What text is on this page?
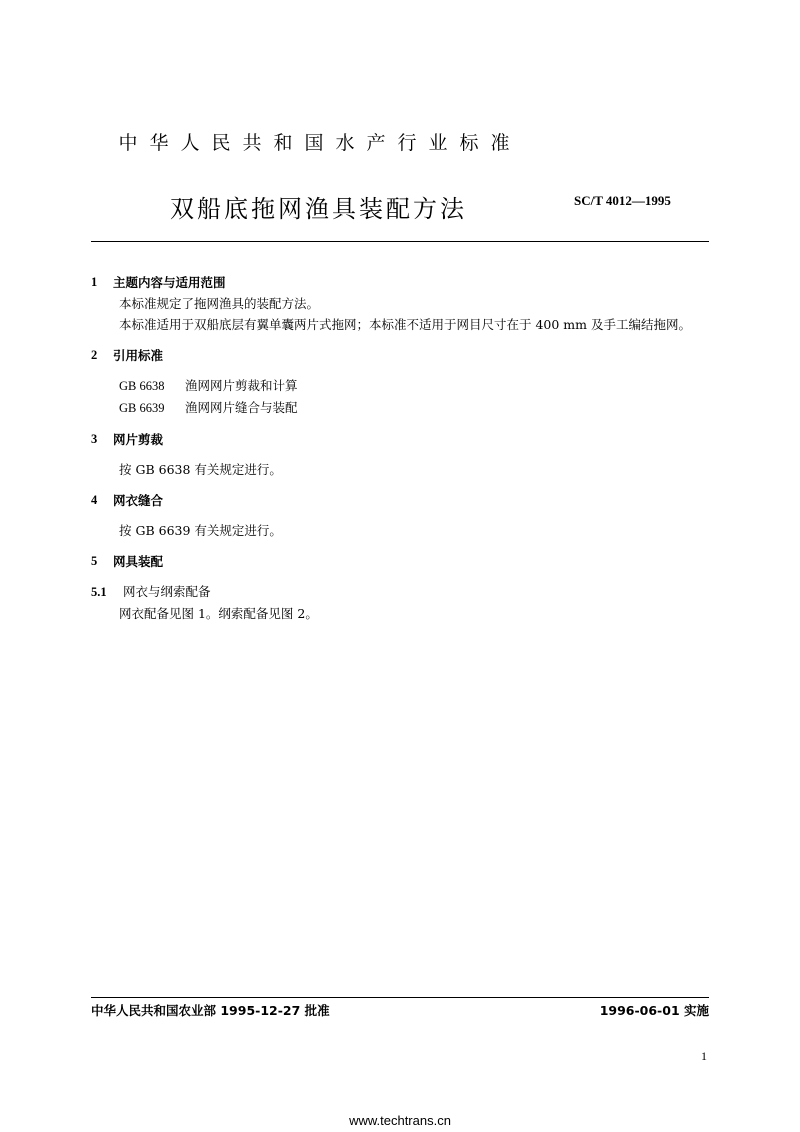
中华人民共和国水产行业标准
双船底拖网渔具装配方法	SC/T 4012—1995
1	主题内容与适用范围
本标准规定了拖网渔具的装配方法。
本标准适用于双船底层有翼单囊两片式拖网；本标准不适用于网目尺寸在于 400 mm 及手工编结拖网。
2	引用标准
GB 6638 渔网网片剪裁和计算
GB 6639 渔网网片缝合与装配
3	网片剪裁
按 GB 6638 有关规定进行。
4	网衣缝合
按 GB 6639 有关规定进行。
5	网具装配
5.1 网衣与纲索配备
网衣配备见图 1。纲索配备见图 2。
中华人民共和国农业部 1995-12-27 批准	1996-06-01 实施
1
www.techtrans.cn
